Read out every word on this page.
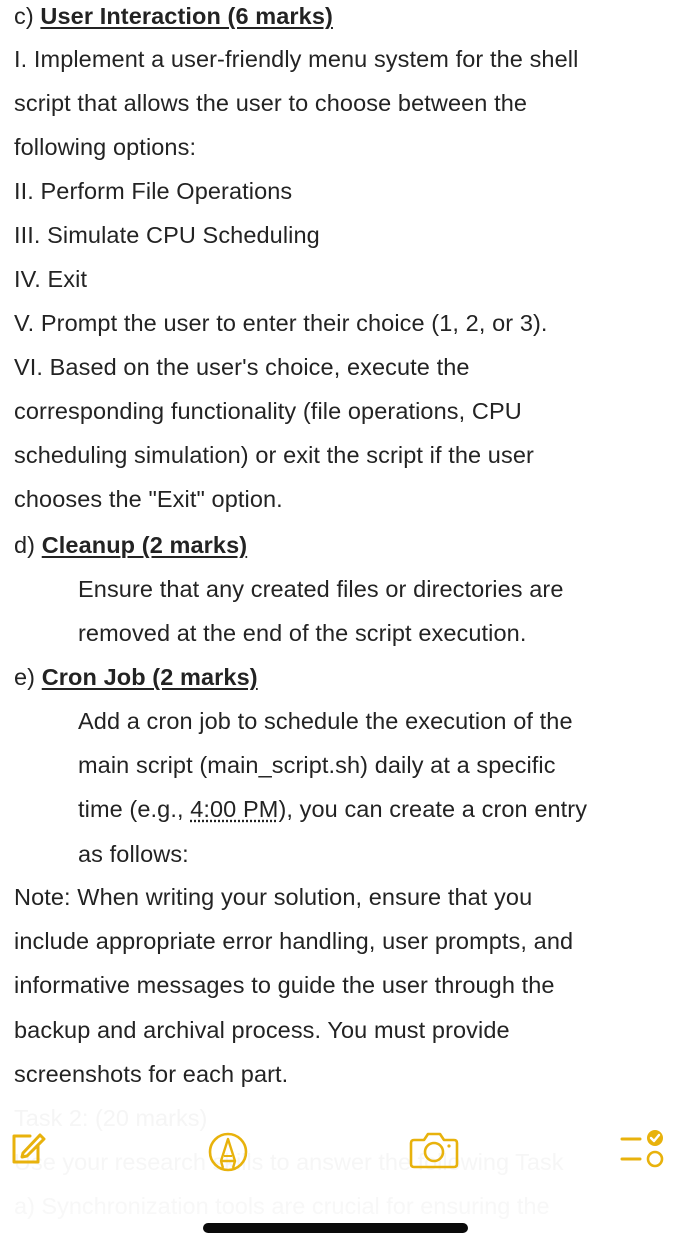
c) User Interaction (6 marks)
I. Implement a user-friendly menu system for the shell
script that allows the user to choose between the
following options:
II. Perform File Operations
III. Simulate CPU Scheduling
IV. Exit
V. Prompt the user to enter their choice (1, 2, or 3).
VI. Based on the user's choice, execute the
corresponding functionality (file operations, CPU
scheduling simulation) or exit the script if the user
chooses the "Exit" option.
d) Cleanup (2 marks)
Ensure that any created files or directories are
removed at the end of the script execution.
e) Cron Job (2 marks)
Add a cron job to schedule the execution of the
main script (main_script.sh) daily at a specific
time (e.g., 4:00 PM), you can create a cron entry
as follows:
Note: When writing your solution, ensure that you
include appropriate error handling, user prompts, and
informative messages to guide the user through the
backup and archival process. You must provide
screenshots for each part.
